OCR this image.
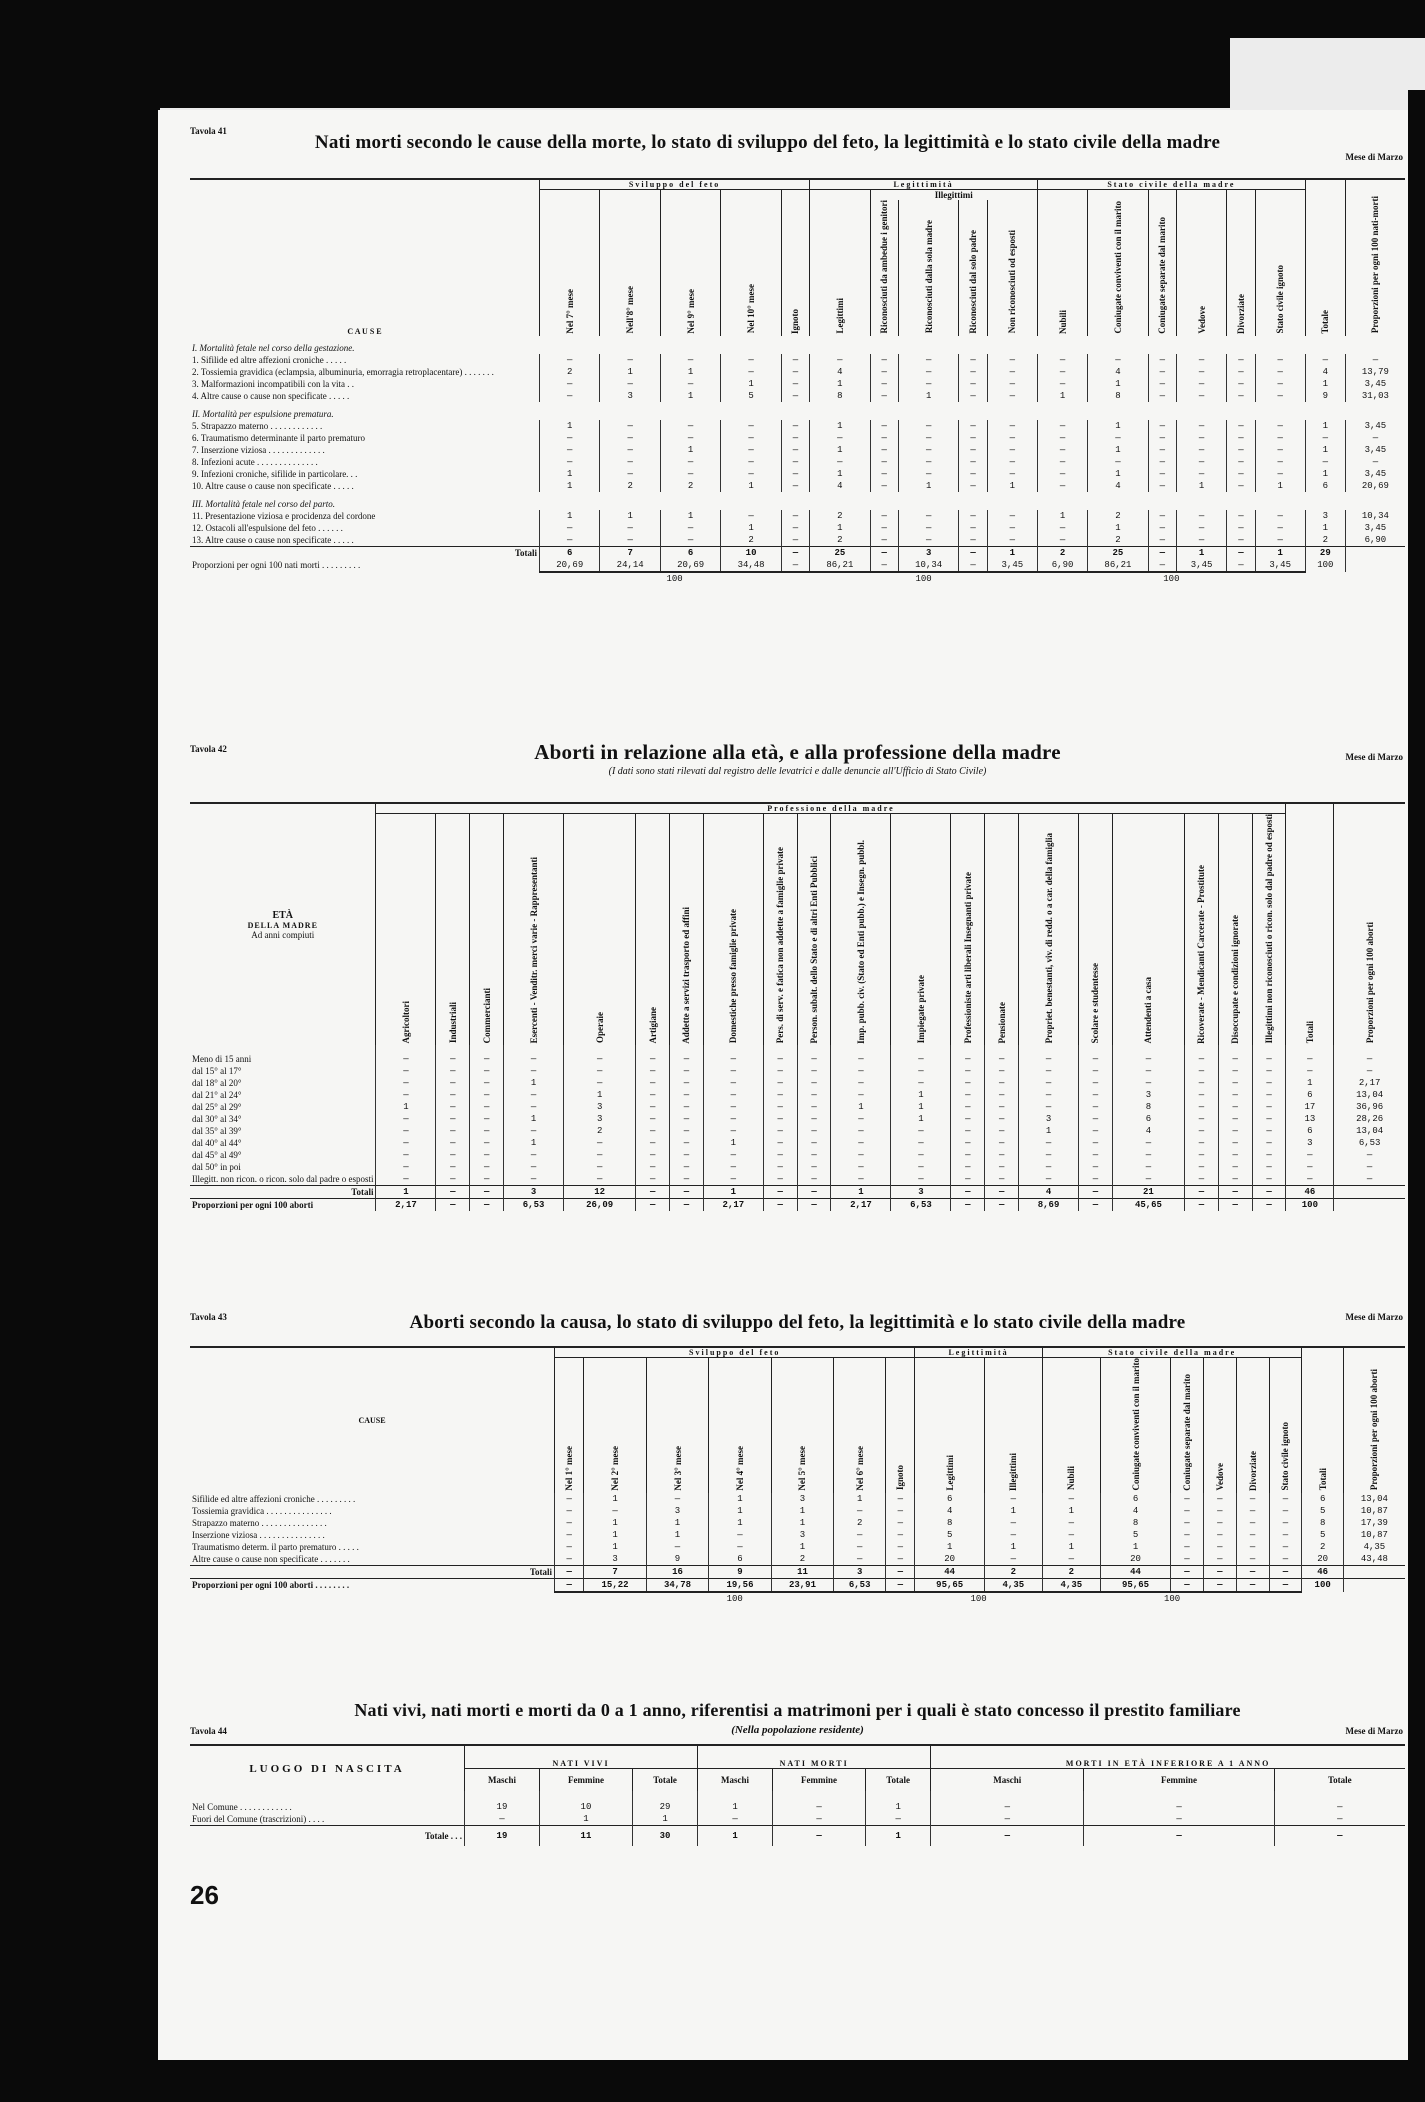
Tavola 41
Mese di Marzo
Nati morti secondo le cause della morte, lo stato di sviluppo del feto, la legittimità e lo stato civile della madre
C A U S E	Sviluppo del feto					Legittimità					Stato civile della madre						Totale	Proporzioni per ogni 100 nati-morti
	Nel 7° mese	Nell'8° mese	Nel 9° mese	Nel 10° mese	Ignoto	Legittimi	Illegittimi				Nubili	Coniugate conviventi con il marito	Coniugate separate dal marito	Vedove	Divorziate	Stato civile ignoto		
							Riconosciuti da ambedue i genitori	Riconosciuti dalla sola madre	Riconosciuti dal solo padre	Non riconosciuti od esposti								
I. Mortalità fetale nel corso della gestazione.																		
1. Sifilide ed altre affezioni croniche . . . . .	—	—	—	—	—	—	—	—	—	—	—	—	—	—	—	—	—	—
2. Tossiemia gravidica (eclampsia, albuminuria, emorragia retroplacentare) . . . . . . .	2	1	1	—	—	4	—	—	—	—	—	4	—	—	—	—	4	13,79
3. Malformazioni incompatibili con la vita . .	—	—	—	1	—	1	—	—	—	—	—	1	—	—	—	—	1	3,45
4. Altre cause o cause non specificate . . . . .	—	3	1	5	—	8	—	1	—	—	1	8	—	—	—	—	9	31,03
II. Mortalità per espulsione prematura.																		
5. Strapazzo materno . . . . . . . . . . . .	1	—	—	—	—	1	—	—	—	—	—	1	—	—	—	—	1	3,45
6. Traumatismo determinante il parto prematuro	—	—	—	—	—	—	—	—	—	—	—	—	—	—	—	—	—	—
7. Inserzione viziosa . . . . . . . . . . . . .	—	—	1	—	—	1	—	—	—	—	—	1	—	—	—	—	1	3,45
8. Infezioni acute . . . . . . . . . . . . . .	—	—	—	—	—	—	—	—	—	—	—	—	—	—	—	—	—	—
9. Infezioni croniche, sifilide in particolare. . .	1	—	—	—	—	1	—	—	—	—	—	1	—	—	—	—	1	3,45
10. Altre cause o cause non specificate . . . . .	1	2	2	1	—	4	—	1	—	1	—	4	—	1	—	1	6	20,69
III. Mortalità fetale nel corso del parto.																		
11. Presentazione viziosa e procidenza del cordone	1	1	1	—	—	2	—	—	—	—	1	2	—	—	—	—	3	10,34
12. Ostacoli all'espulsione del feto . . . . . .	—	—	—	1	—	1	—	—	—	—	—	1	—	—	—	—	1	3,45
13. Altre cause o cause non specificate . . . . .	—	—	—	2	—	2	—	—	—	—	—	2	—	—	—	—	2	6,90
Totali	6	7	6	10	—	25	—	3	—	1	2	25	—	1	—	1	29	
Proporzioni per ogni 100 nati morti . . . . . . . . .	20,69	24,14	20,69	34,48	—	86,21	—	10,34	—	3,45	6,90	86,21	—	3,45	—	3,45	100	
	100					100					100							
Tavola 42
Mese di Marzo
Aborti in relazione alla età, e alla professione della madre
(I dati sono stati rilevati dal registro delle levatrici e dalle denuncie all'Ufficio di Stato Civile)
ETÀ
DELLA MADRE
Ad anni compiuti	Professione della madre																				Totali	Proporzioni per ogni 100 aborti
	Agricoltori	Industriali	Commercianti	Esercenti - Venditr. merci varie - Rappresentanti	Operaie	Artigiane	Addette a servizi trasporto ed affini	Domestiche presso famiglie private	Pers. di serv. e fatica non addette a famiglie private	Person. subalt. dello Stato e di altri Enti Pubblici	Imp. pubb. civ. (Stato ed Enti pubb.) e Insegn. pubbl.	Impiegate private	Professioniste arti liberali Insegnanti private	Pensionate	Propriet. benestanti, viv. di redd. o a car. della famiglia	Scolare e studentesse	Attendenti a casa	Ricoverate - Mendicanti Carcerate - Prostitute	Disoccupate e condizioni ignorate	Illegittimi non riconosciuti o ricon. solo dal padre od esposti		
Meno di 15 anni	—	—	—	—	—	—	—	—	—	—	—	—	—	—	—	—	—	—	—	—	—	—
dal 15° al 17°	—	—	—	—	—	—	—	—	—	—	—	—	—	—	—	—	—	—	—	—	—	—
dal 18° al 20°	—	—	—	1	—	—	—	—	—	—	—	—	—	—	—	—	—	—	—	—	1	2,17
dal 21° al 24°	—	—	—	—	1	—	—	—	—	—	—	1	—	—	—	—	3	—	—	—	6	13,04
dal 25° al 29°	1	—	—	—	3	—	—	—	—	—	1	1	—	—	—	—	8	—	—	—	17	36,96
dal 30° al 34°	—	—	—	1	3	—	—	—	—	—	—	1	—	—	3	—	6	—	—	—	13	28,26
dal 35° al 39°	—	—	—	—	2	—	—	—	—	—	—	—	—	—	1	—	4	—	—	—	6	13,04
dal 40° al 44°	—	—	—	1	—	—	—	1	—	—	—	—	—	—	—	—	—	—	—	—	3	6,53
dal 45° al 49°	—	—	—	—	—	—	—	—	—	—	—	—	—	—	—	—	—	—	—	—	—	—
dal 50° in poi	—	—	—	—	—	—	—	—	—	—	—	—	—	—	—	—	—	—	—	—	—	—
Illegitt. non ricon. o ricon. solo dal padre o esposti	—	—	—	—	—	—	—	—	—	—	—	—	—	—	—	—	—	—	—	—	—	—
Totali	1	—	—	3	12	—	—	1	—	—	1	3	—	—	4	—	21	—	—	—	46	
Proporzioni per ogni 100 aborti	2,17	—	—	6,53	26,09	—	—	2,17	—	—	2,17	6,53	—	—	8,69	—	45,65	—	—	—	100	
Tavola 43	Mese di Marzo
Aborti secondo la causa, lo stato di sviluppo del feto, la legittimità e lo stato civile della madre
CAUSE	Sviluppo del feto							Legittimità		Stato civile della madre						Totali	Proporzioni per ogni 100 aborti
	Nel 1° mese	Nel 2° mese	Nel 3° mese	Nel 4° mese	Nel 5° mese	Nel 6° mese	Ignoto	Legittimi	Illegittimi	Nubili	Coniugate conviventi con il marito	Coniugate separate dal marito	Vedove	Divorziate	Stato civile ignoto		
Sifilide ed altre affezioni croniche . . . . . . . . .	—	1	—	1	3	1	—	6	—	—	6	—	—	—	—	6	13,04
Tossiemia gravidica . . . . . . . . . . . . . . .	—	—	3	1	1	—	—	4	1	1	4	—	—	—	—	5	10,87
Strapazzo materno . . . . . . . . . . . . . . .	—	1	1	1	1	2	—	8	—	—	8	—	—	—	—	8	17,39
Inserzione viziosa . . . . . . . . . . . . . . .	—	1	1	—	3	—	—	5	—	—	5	—	—	—	—	5	10,87
Traumatismo determ. il parto prematuro . . . . .	—	1	—	—	1	—	—	1	1	1	1	—	—	—	—	2	4,35
Altre cause o cause non specificate . . . . . . .	—	3	9	6	2	—	—	20	—	—	20	—	—	—	—	20	43,48
Totali	—	7	16	9	11	3	—	44	2	2	44	—	—	—	—	46	
Proporzioni per ogni 100 aborti . . . . . . . .	—	15,22	34,78	19,56	23,91	6,53	—	95,65	4,35	4,35	95,65	—	—	—	—	100	
	100							100		100							
Nati vivi, nati morti e morti da 0 a 1 anno, riferentisi a matrimoni per i quali è stato concesso il prestito familiare
(Nella popolazione residente)
Tavola 44	Mese di Marzo
LUOGO DI NASCITA	NATI VIVI			NATI MORTI			MORTI IN ETÀ INFERIORE A 1 ANNO		
	Maschi	Femmine	Totale	Maschi	Femmine	Totale	Maschi	Femmine	Totale
Nel Comune . . . . . . . . . . . .	19	10	29	1	—	1	—	—	—
Fuori del Comune (trascrizioni) . . . .	—	1	1	—	—	—	—	—	—
Totale . . .	19	11	30	1	—	1	—	—	—
26
